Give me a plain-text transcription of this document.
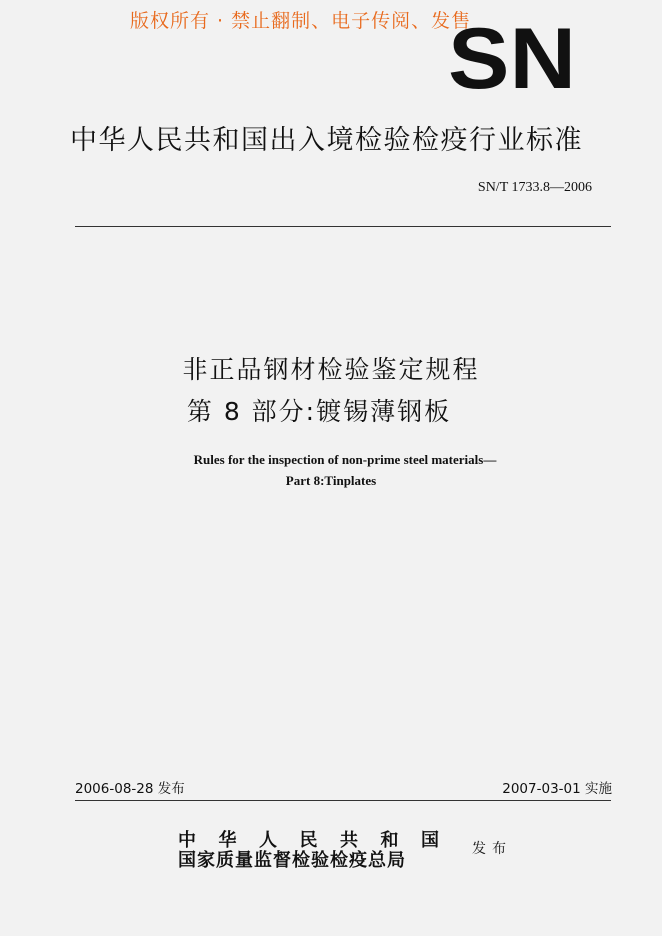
版权所有 · 禁止翻制、电子传阅、发售
SN
中华人民共和国出入境检验检疫行业标准
SN/T 1733.8—2006
非正品钢材检验鉴定规程
第 8 部分:镀锡薄钢板
Rules for the inspection of non-prime steel materials—
Part 8:Tinplates
2006-08-28 发布	2007-03-01 实施
中华人民共和国
国家质量监督检验检疫总局
发布
